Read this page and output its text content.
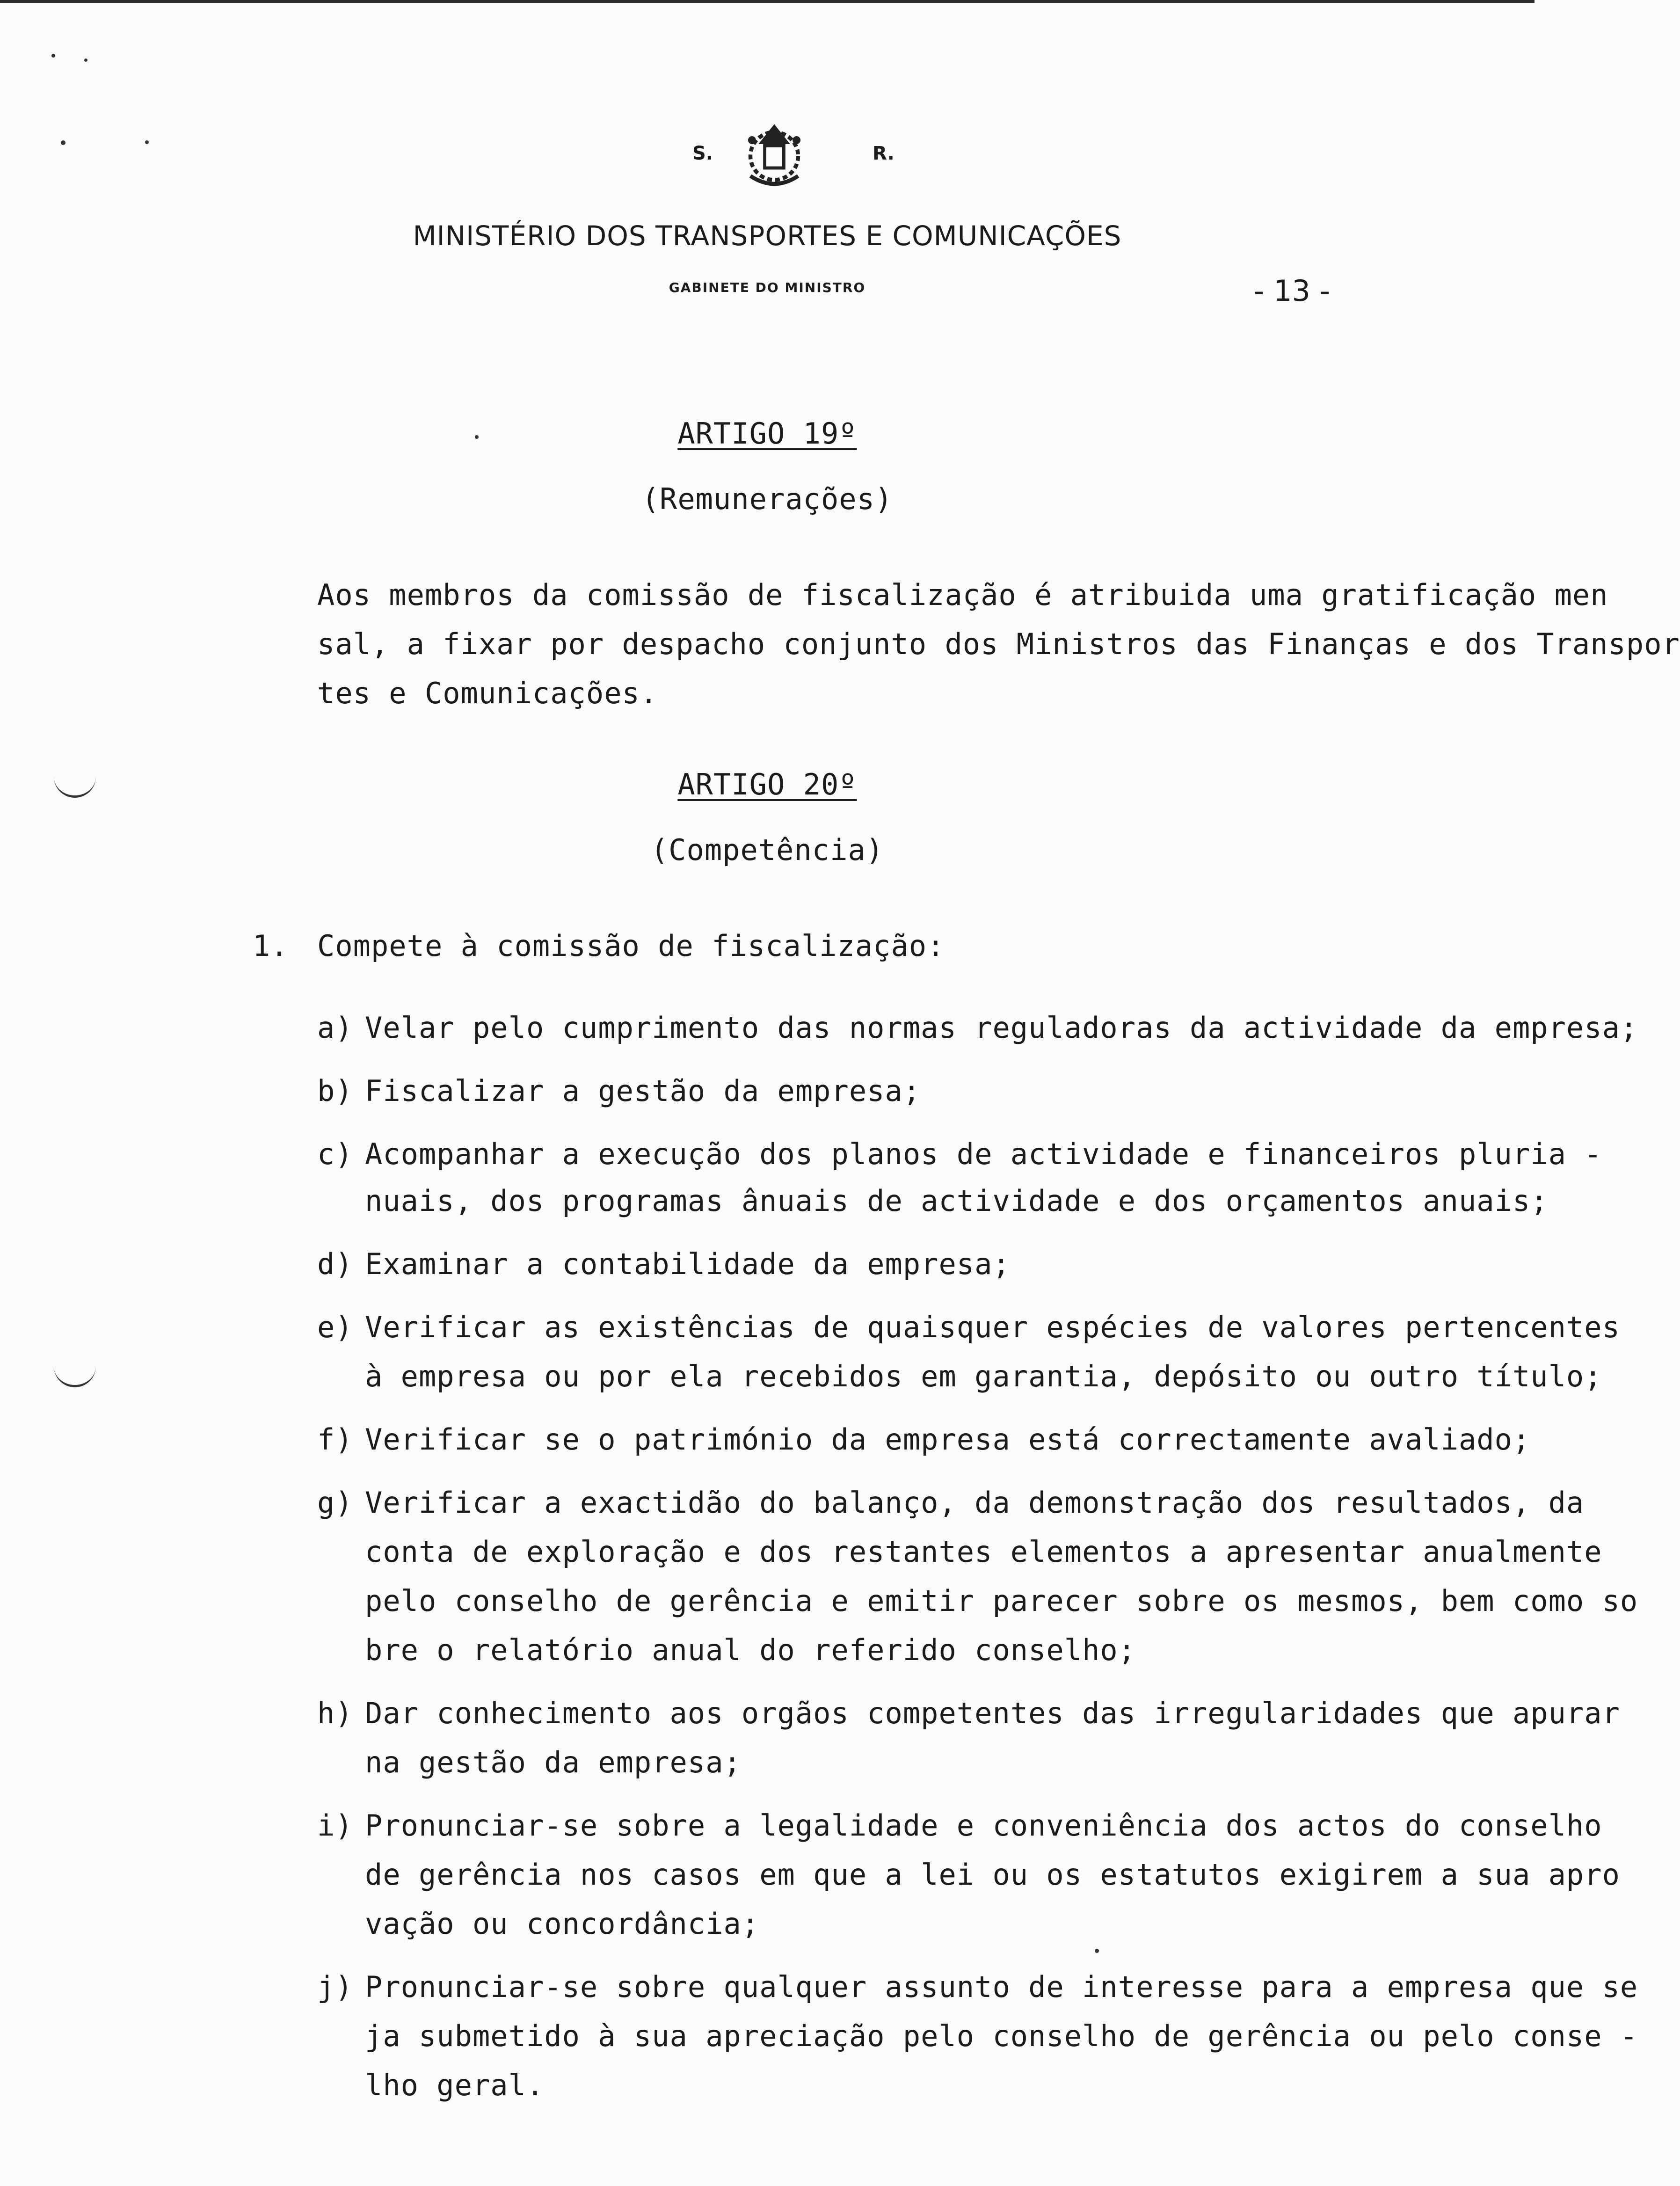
S.	R.
MINISTÉRIO DOS TRANSPORTES E COMUNICAÇÕES
GABINETE DO MINISTRO	- 13 -
ARTIGO 19º
(Remunerações)
Aos membros da comissão de fiscalização é atribuida uma gratificação men
sal, a fixar por despacho conjunto dos Ministros das Finanças e dos Transpor
tes e Comunicações.
ARTIGO 20º
(Competência)
1. Compete à comissão de fiscalização:
a) Velar pelo cumprimento das normas reguladoras da actividade da empresa;
b) Fiscalizar a gestão da empresa;
c) Acompanhar a execução dos planos de actividade e financeiros pluria -
nuais, dos programas ânuais de actividade e dos orçamentos anuais;
d) Examinar a contabilidade da empresa;
e) Verificar as existências de quaisquer espécies de valores pertencentes
à empresa ou por ela recebidos em garantia, depósito ou outro título;
f) Verificar se o património da empresa está correctamente avaliado;
g) Verificar a exactidão do balanço, da demonstração dos resultados, da
conta de exploração e dos restantes elementos a apresentar anualmente
pelo conselho de gerência e emitir parecer sobre os mesmos, bem como so
bre o relatório anual do referido conselho;
h) Dar conhecimento aos orgãos competentes das irregularidades que apurar
na gestão da empresa;
i) Pronunciar-se sobre a legalidade e conveniência dos actos do conselho
de gerência nos casos em que a lei ou os estatutos exigirem a sua apro
vação ou concordância;
j) Pronunciar-se sobre qualquer assunto de interesse para a empresa que se
ja submetido à sua apreciação pelo conselho de gerência ou pelo conse -
lho geral.
